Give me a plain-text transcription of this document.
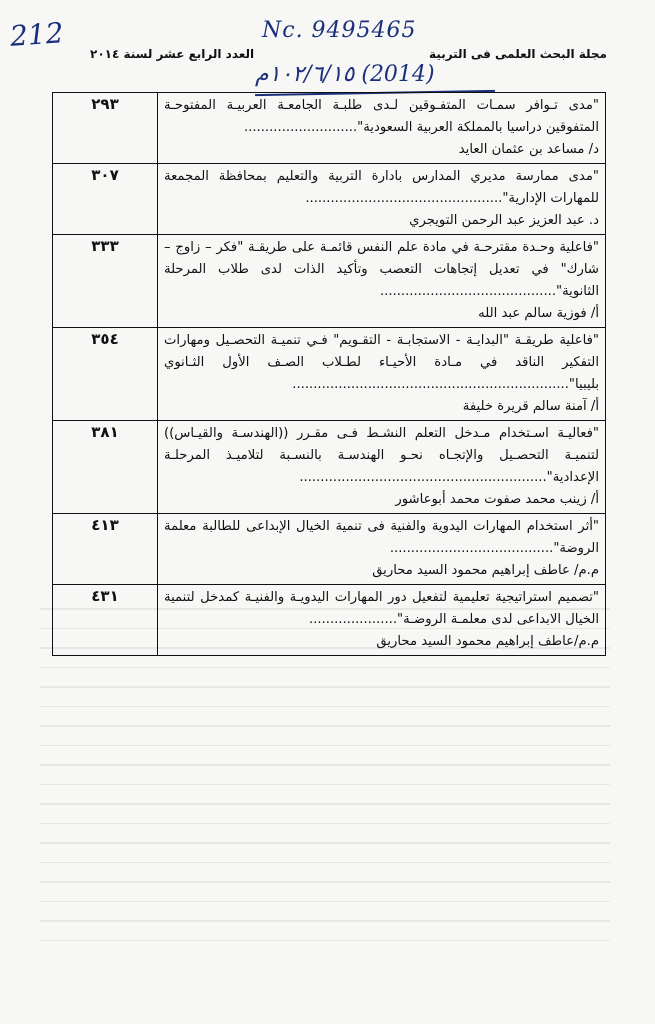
212	Nc. 9495465
(2014) ١٠٢/٦/١٥م
مجلة البحث العلمى فى التربية
العدد الرابع عشر لسنة ٢٠١٤
"مدى تـوافر سمـات المتفـوقين لـدى طلبـة الجامعـة العربيـة المفتوحـة المتفوقين دراسيا بالمملكة العربية السعودية"...........................
د/ مساعد بن عثمان العايد	٢٩٣
"مدى ممارسة مديري المدارس بادارة التربية والتعليم بمحافظة المجمعة للمهارات الإدارية"...............................................
د. عبد العزيز عبد الرحمن التويجري	٣٠٧
"فاعلية وحـدة مقترحـة في مادة علم النفس قائمـة على طريقـة "فكر – زاوج – شارك" في تعديل إتجاهات التعصب وتأكيد الذات لدى طلاب المرحلة الثانوية"..........................................
أ/ فوزية سالم عبد الله	٣٣٣
"فاعلية طريقـة "البدايـة - الاستجابـة - التقـويم" فـي تنميـة التحصـيل ومهارات التفكير الناقد في مـادة الأحيـاء لطـلاب الصـف الأول الثـانوي بليبيا"..................................................................
أ/ آمنة سالم قريرة خليفة	٣٥٤
"فعاليـة اسـتخدام مـدخل التعلم النشـط فـى مقـرر ((الهندسـة والقيـاس)) لتنميـة التحصـيل والإتجـاه نحـو الهندسـة بالنسـبة لتلاميـذ المرحلـة الإعدادية"...........................................................
أ/ زينب محمد صفوت محمد أبوعاشور	٣٨١
"أثر استخدام المهارات اليدوية والفنية فى تنمية الخيال الإبداعى للطالبة معلمة الروضة".......................................
م.م/ عاطف إبراهيم محمود السيد محاريق	٤١٣
"تصميم استراتيجية تعليمية لتفعيل دور المهارات اليدويـة والفنيـة كمدخل لتنمية الخيال الابداعى لدى معلمـة الروضـة".....................
م.م/عاطف إبراهيم محمود السيد محاريق	٤٣١
